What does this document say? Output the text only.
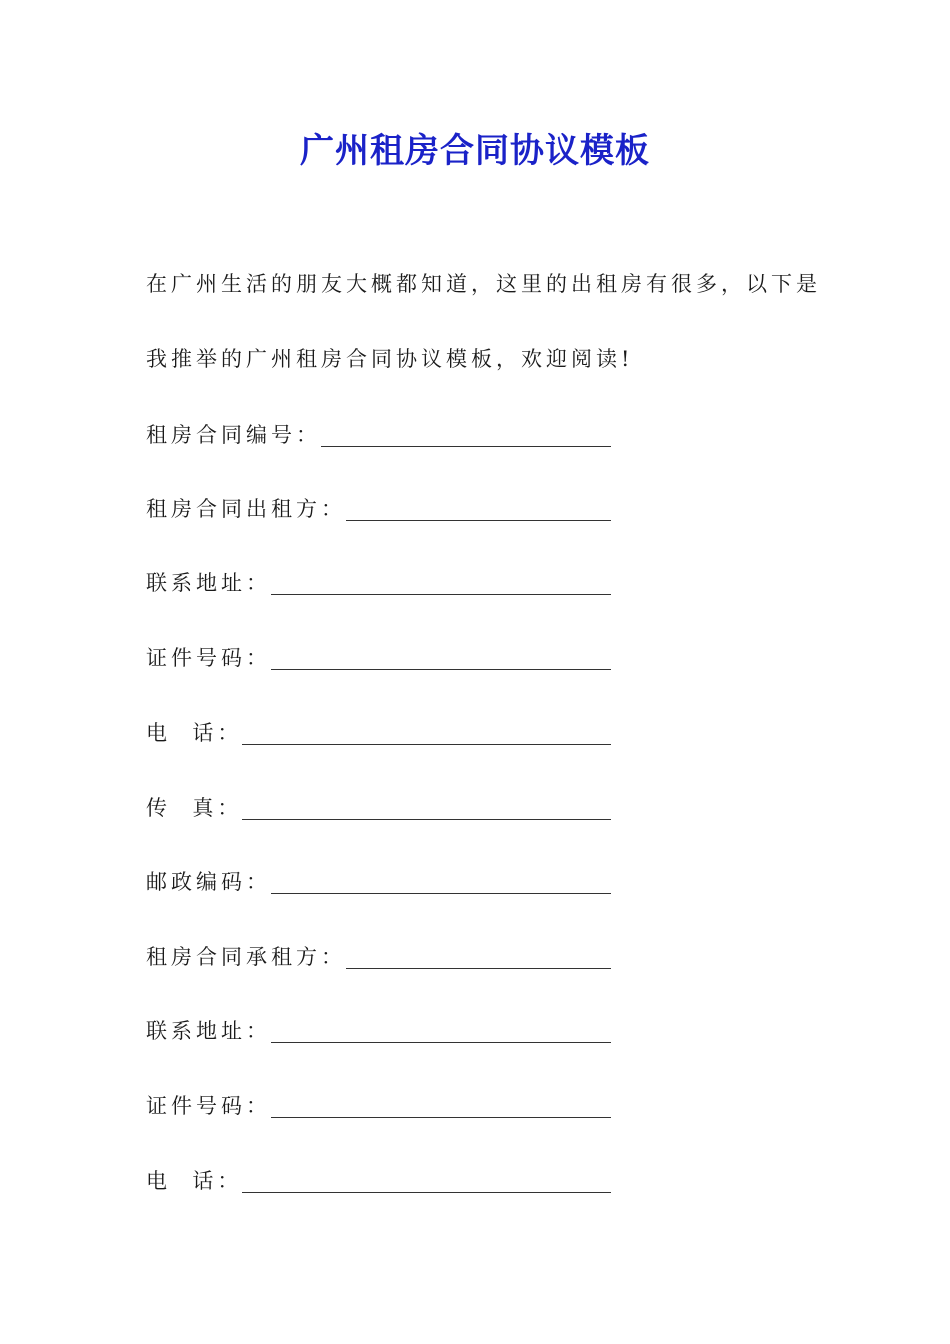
广州租房合同协议模板
在广州生活的朋友大概都知道，这里的出租房有很多，以下是
我推举的广州租房合同协议模板，欢迎阅读!
租房合同编号：
租房合同出租方：
联系地址：
证件号码：
电  话：
传  真：
邮政编码：
租房合同承租方：
联系地址：
证件号码：
电  话：
